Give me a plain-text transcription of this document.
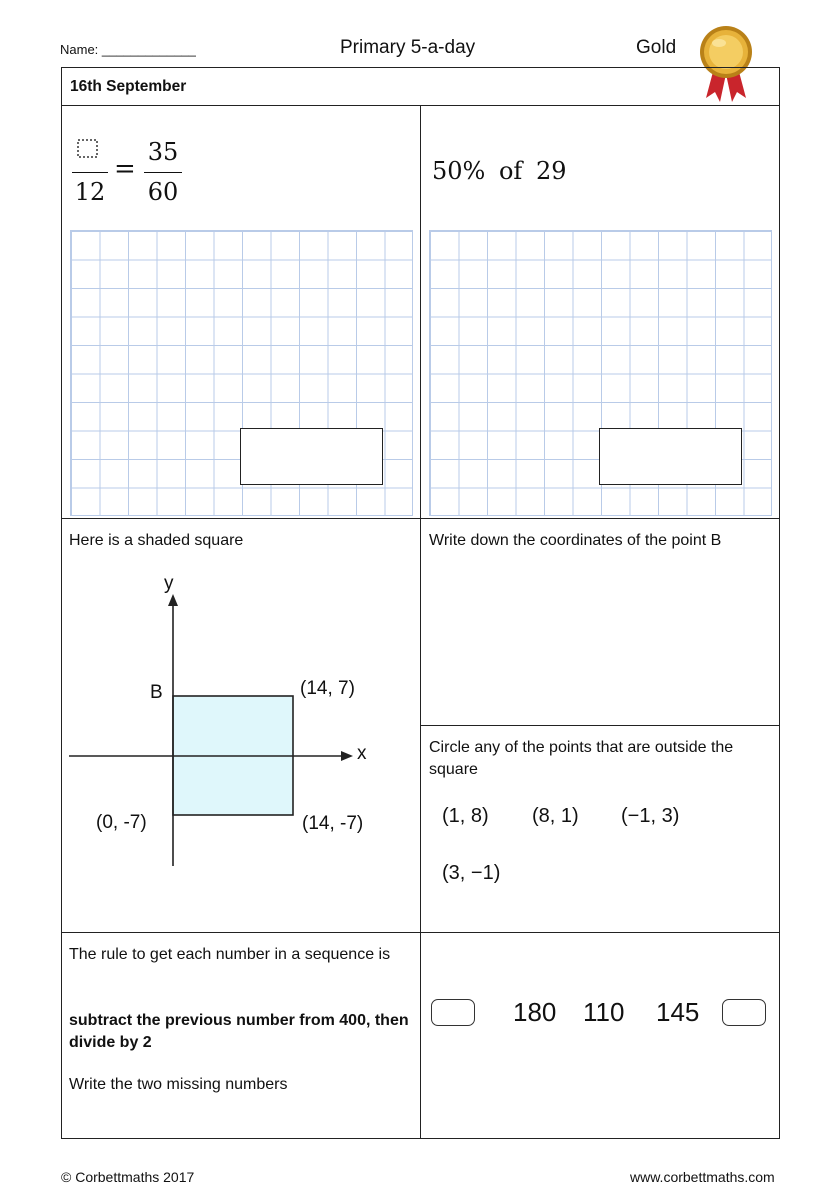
Name: _____________	Primary 5-a-day	Gold
16th September
12
=
35
60
50% of 29
Here is a shaded square
y
x
B	(14, 7)
(0, -7)	(14, -7)
Write down the coordinates of the point B
Circle any of the points that are outside the square
(1, 8) (8, 1) (−1, 3)
(3, −1)
The rule to get each number in a sequence is
subtract the previous number from 400, then divide by 2
Write the two missing numbers
180 110 145
© Corbettmaths 2017	www.corbettmaths.com
